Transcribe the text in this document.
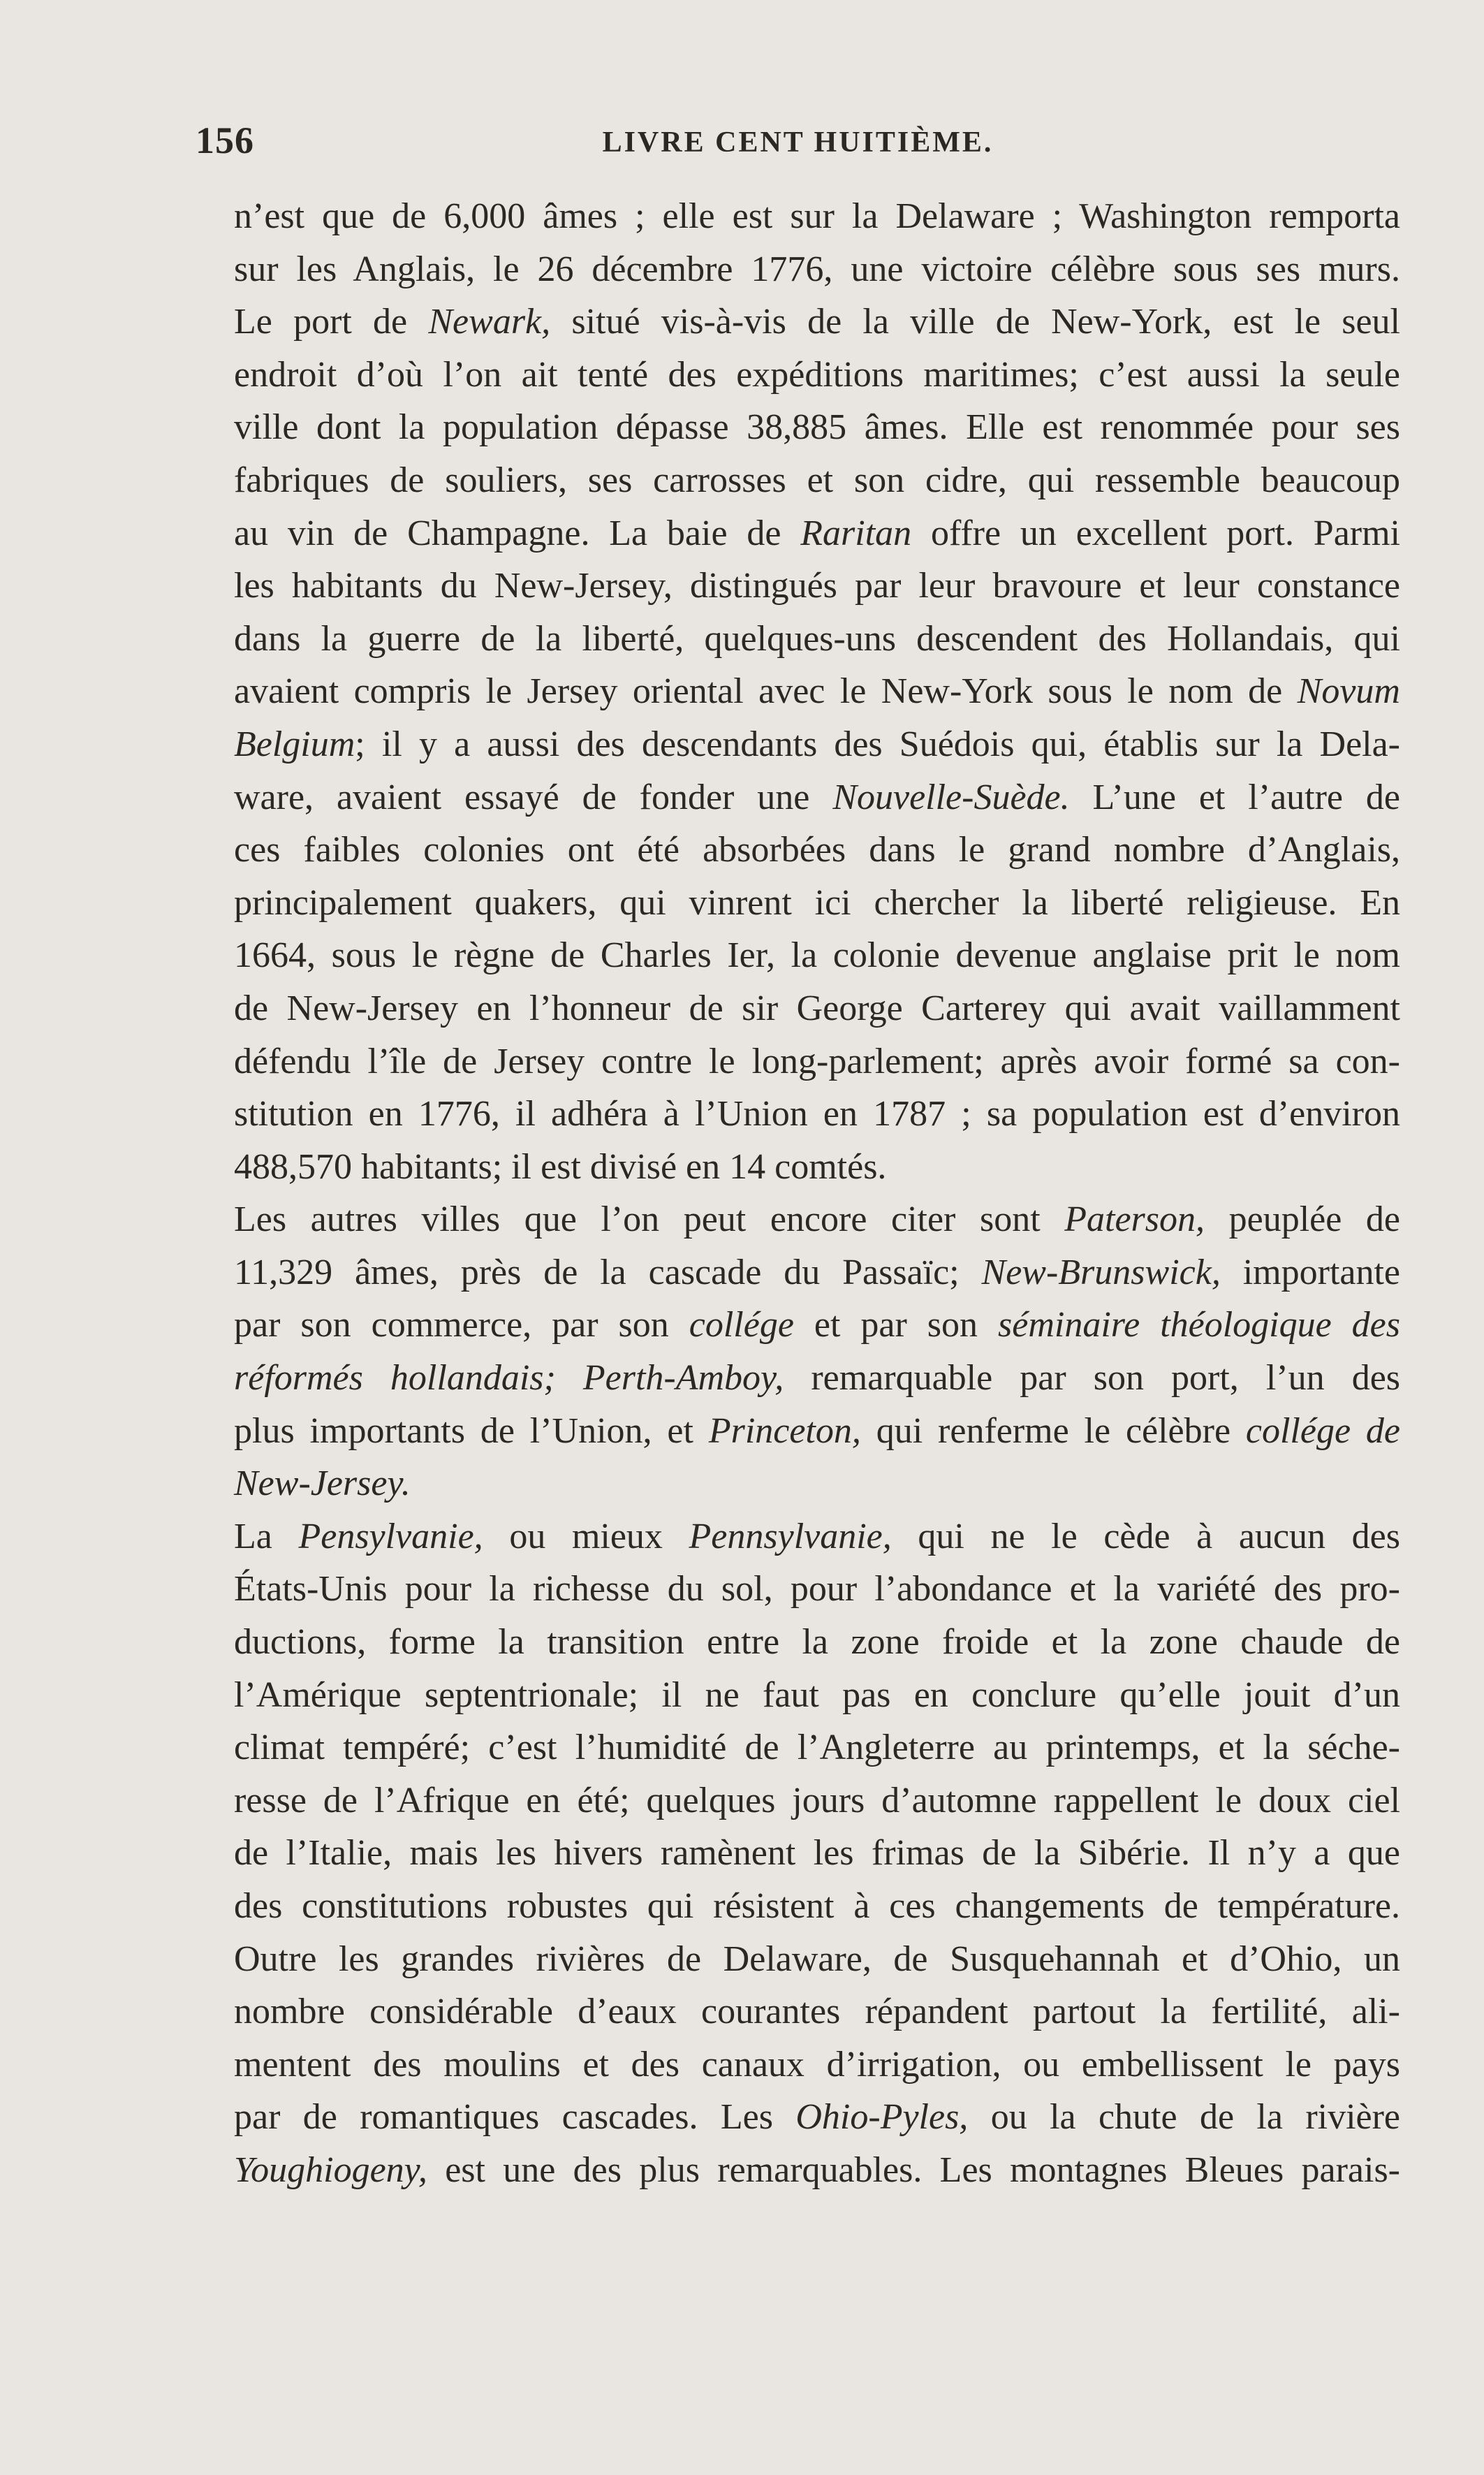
156	LIVRE CENT HUITIÈME.
n’est que de 6,000 âmes ; elle est sur la Delaware ; Washington remporta
sur les Anglais, le 26 décembre 1776, une victoire célèbre sous ses murs.
Le port de Newark, situé vis-à-vis de la ville de New-York, est le seul
endroit d’où l’on ait tenté des expéditions maritimes; c’est aussi la seule
ville dont la population dépasse 38,885 âmes. Elle est renommée pour ses
fabriques de souliers, ses carrosses et son cidre, qui ressemble beaucoup
au vin de Champagne. La baie de Raritan offre un excellent port. Parmi
les habitants du New-Jersey, distingués par leur bravoure et leur constance
dans la guerre de la liberté, quelques-uns descendent des Hollandais, qui
avaient compris le Jersey oriental avec le New-York sous le nom de Novum
Belgium; il y a aussi des descendants des Suédois qui, établis sur la Dela-
ware, avaient essayé de fonder une Nouvelle-Suède. L’une et l’autre de
ces faibles colonies ont été absorbées dans le grand nombre d’Anglais,
principalement quakers, qui vinrent ici chercher la liberté religieuse. En
1664, sous le règne de Charles Ier, la colonie devenue anglaise prit le nom
de New-Jersey en l’honneur de sir George Carterey qui avait vaillamment
défendu l’île de Jersey contre le long-parlement; après avoir formé sa con-
stitution en 1776, il adhéra à l’Union en 1787 ; sa population est d’environ
488,570 habitants; il est divisé en 14 comtés.
Les autres villes que l’on peut encore citer sont Paterson, peuplée de
11,329 âmes, près de la cascade du Passaïc; New-Brunswick, importante
par son commerce, par son collége et par son séminaire théologique des
réformés hollandais; Perth-Amboy, remarquable par son port, l’un des
plus importants de l’Union, et Princeton, qui renferme le célèbre collége de
New-Jersey.
La Pensylvanie, ou mieux Pennsylvanie, qui ne le cède à aucun des
États-Unis pour la richesse du sol, pour l’abondance et la variété des pro-
ductions, forme la transition entre la zone froide et la zone chaude de
l’Amérique septentrionale; il ne faut pas en conclure qu’elle jouit d’un
climat tempéré; c’est l’humidité de l’Angleterre au printemps, et la séche-
resse de l’Afrique en été; quelques jours d’automne rappellent le doux ciel
de l’Italie, mais les hivers ramènent les frimas de la Sibérie. Il n’y a que
des constitutions robustes qui résistent à ces changements de température.
Outre les grandes rivières de Delaware, de Susquehannah et d’Ohio, un
nombre considérable d’eaux courantes répandent partout la fertilité, ali-
mentent des moulins et des canaux d’irrigation, ou embellissent le pays
par de romantiques cascades. Les Ohio-Pyles, ou la chute de la rivière
Youghiogeny, est une des plus remarquables. Les montagnes Bleues parais-
